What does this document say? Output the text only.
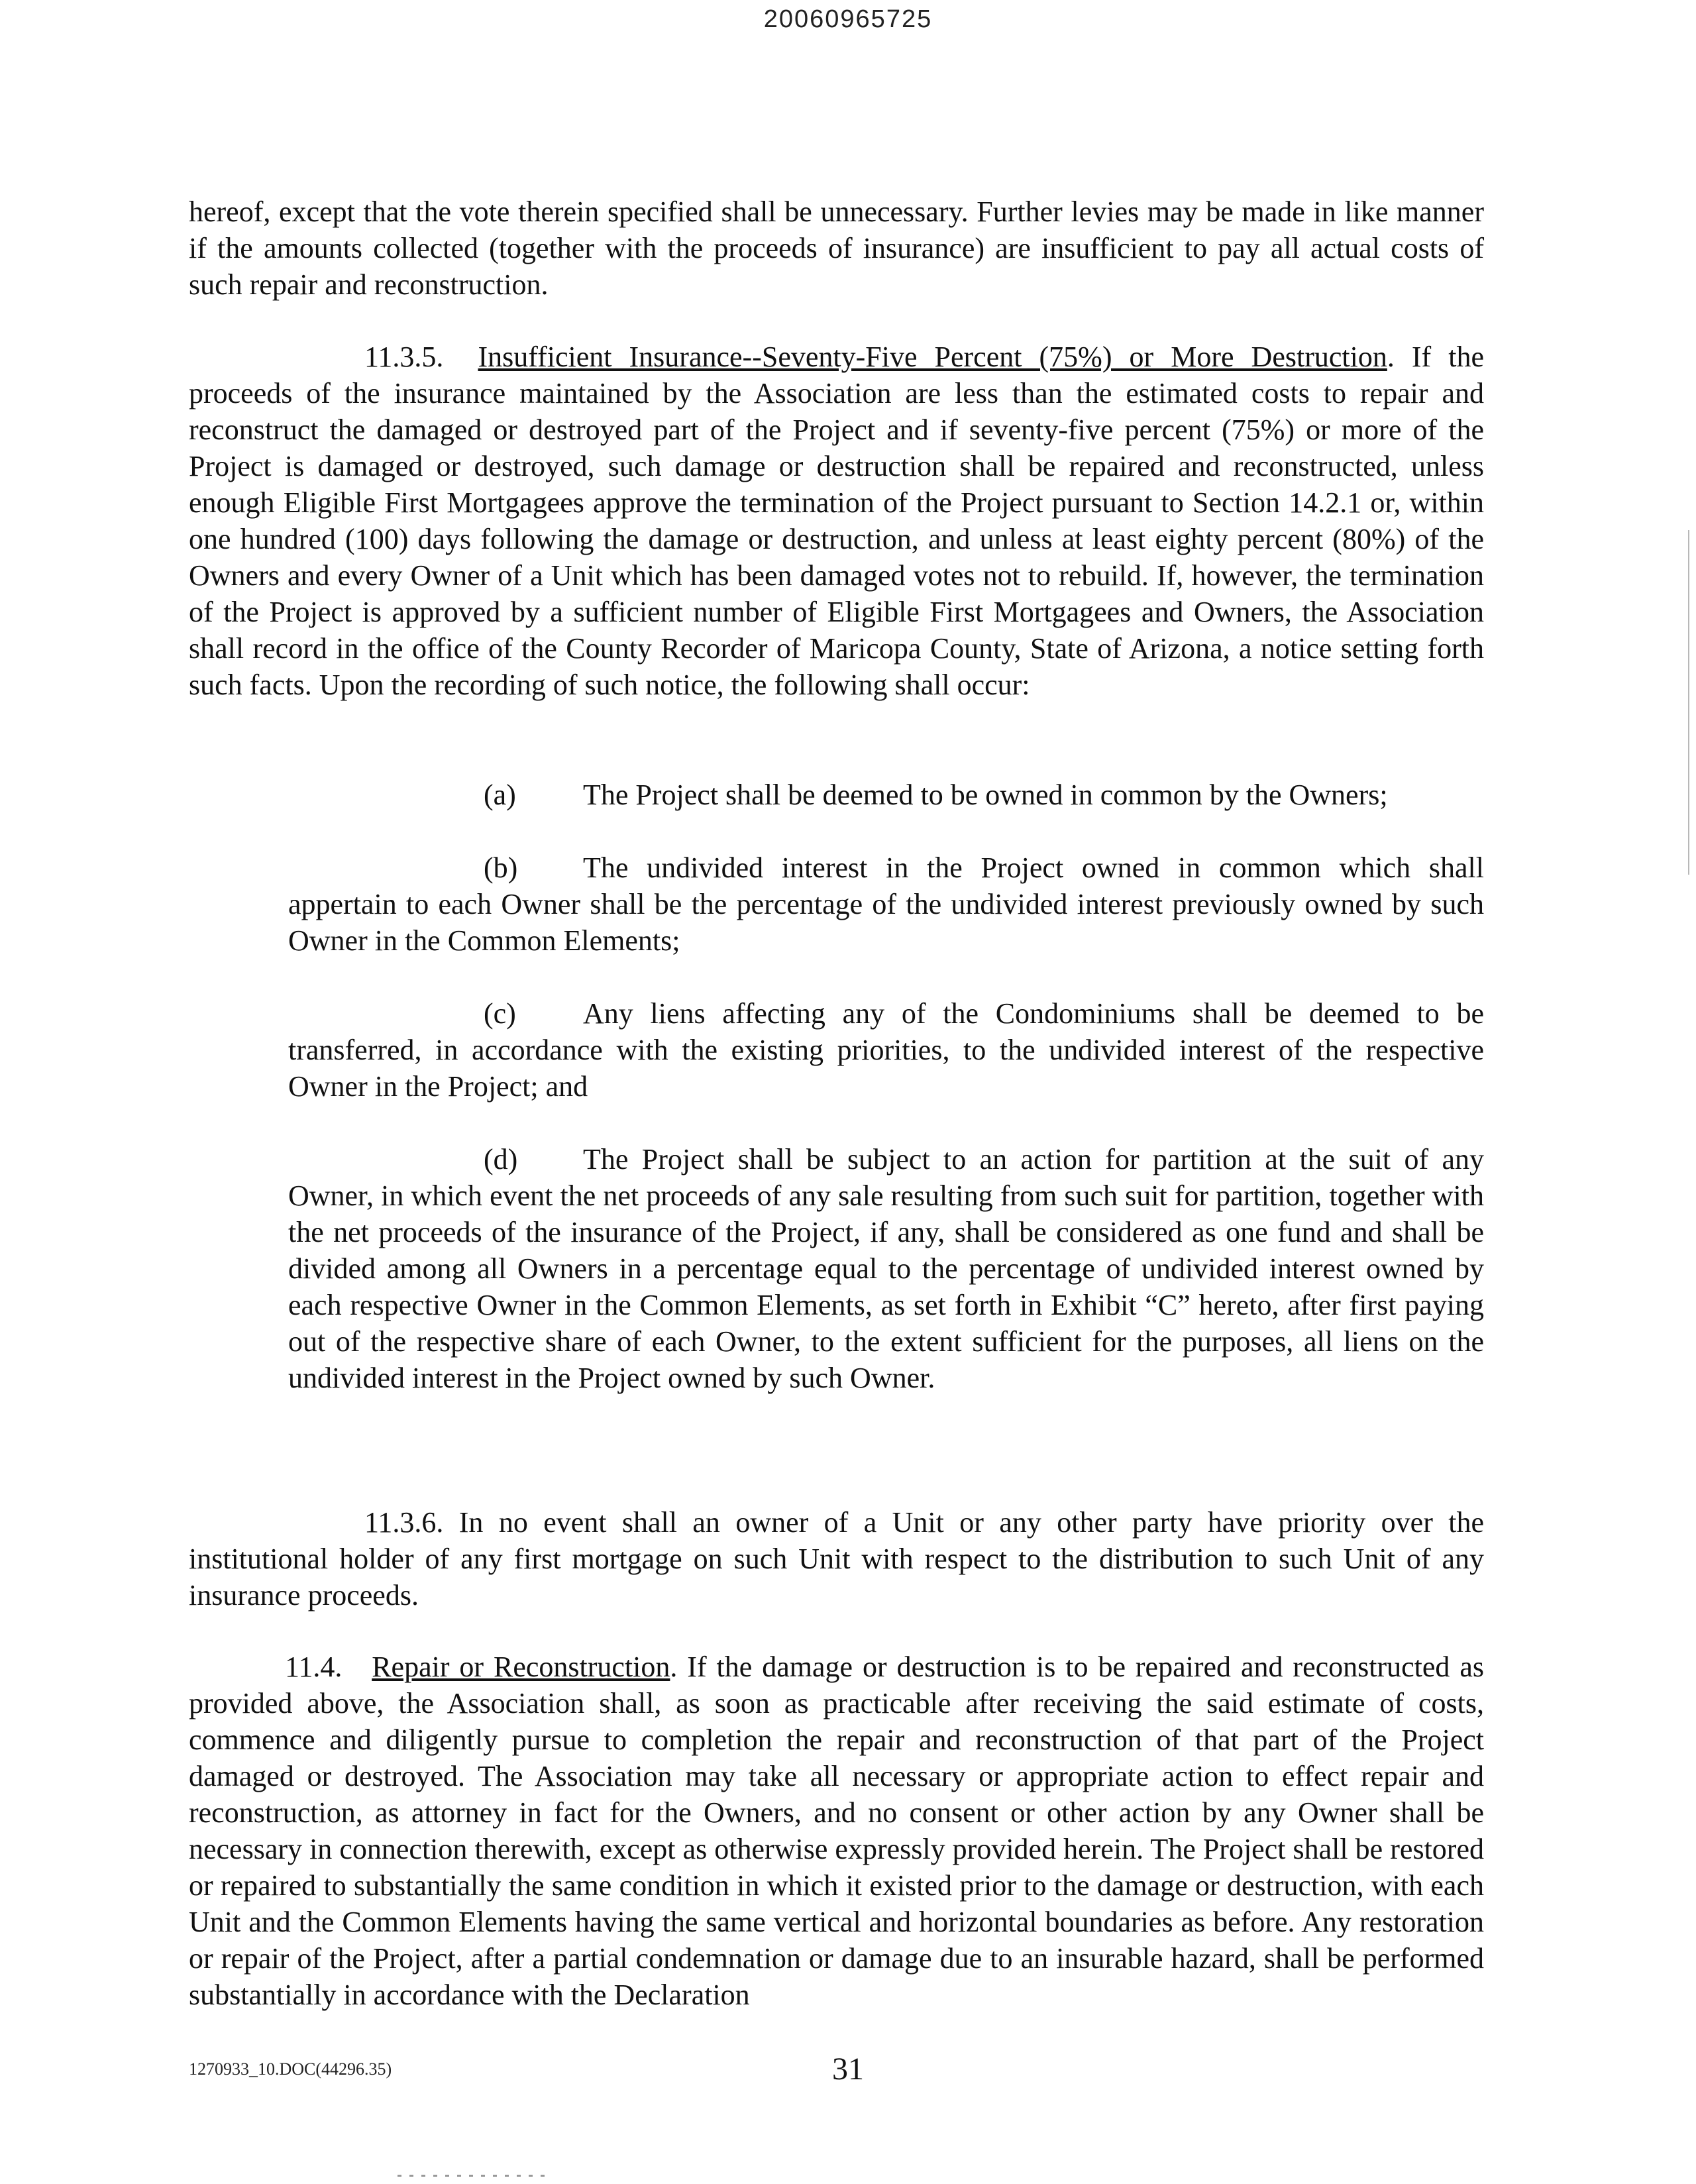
20060965725

hereof, except that the vote therein specified shall be unnecessary. Further levies may be made in like manner if the amounts collected (together with the proceeds of insurance) are insufficient to pay all actual costs of such repair and reconstruction.

11.3.5. Insufficient Insurance--Seventy-Five Percent (75%) or More Destruction. If the proceeds of the insurance maintained by the Association are less than the estimated costs to repair and reconstruct the damaged or destroyed part of the Project and if seventy-five percent (75%) or more of the Project is damaged or destroyed, such damage or destruction shall be repaired and reconstructed, unless enough Eligible First Mortgagees approve the termination of the Project pursuant to Section 14.2.1 or, within one hundred (100) days following the damage or destruction, and unless at least eighty percent (80%) of the Owners and every Owner of a Unit which has been damaged votes not to rebuild. If, however, the termination of the Project is approved by a sufficient number of Eligible First Mortgagees and Owners, the Association shall record in the office of the County Recorder of Maricopa County, State of Arizona, a notice setting forth such facts. Upon the recording of such notice, the following shall occur:

(a) The Project shall be deemed to be owned in common by the Owners;

(b) The undivided interest in the Project owned in common which shall appertain to each Owner shall be the percentage of the undivided interest previously owned by such Owner in the Common Elements;

(c) Any liens affecting any of the Condominiums shall be deemed to be transferred, in accordance with the existing priorities, to the undivided interest of the respective Owner in the Project; and

(d) The Project shall be subject to an action for partition at the suit of any Owner, in which event the net proceeds of any sale resulting from such suit for partition, together with the net proceeds of the insurance of the Project, if any, shall be considered as one fund and shall be divided among all Owners in a percentage equal to the percentage of undivided interest owned by each respective Owner in the Common Elements, as set forth in Exhibit “C” hereto, after first paying out of the respective share of each Owner, to the extent sufficient for the purposes, all liens on the undivided interest in the Project owned by such Owner.

11.3.6. In no event shall an owner of a Unit or any other party have priority over the institutional holder of any first mortgage on such Unit with respect to the distribution to such Unit of any insurance proceeds.

11.4. Repair or Reconstruction. If the damage or destruction is to be repaired and reconstructed as provided above, the Association shall, as soon as practicable after receiving the said estimate of costs, commence and diligently pursue to completion the repair and reconstruction of that part of the Project damaged or destroyed. The Association may take all necessary or appropriate action to effect repair and reconstruction, as attorney in fact for the Owners, and no consent or other action by any Owner shall be necessary in connection therewith, except as otherwise expressly provided herein. The Project shall be restored or repaired to substantially the same condition in which it existed prior to the damage or destruction, with each Unit and the Common Elements having the same vertical and horizontal boundaries as before. Any restoration or repair of the Project, after a partial condemnation or damage due to an insurable hazard, shall be performed substantially in accordance with the Declaration

1270933_10.DOC(44296.35)	31
